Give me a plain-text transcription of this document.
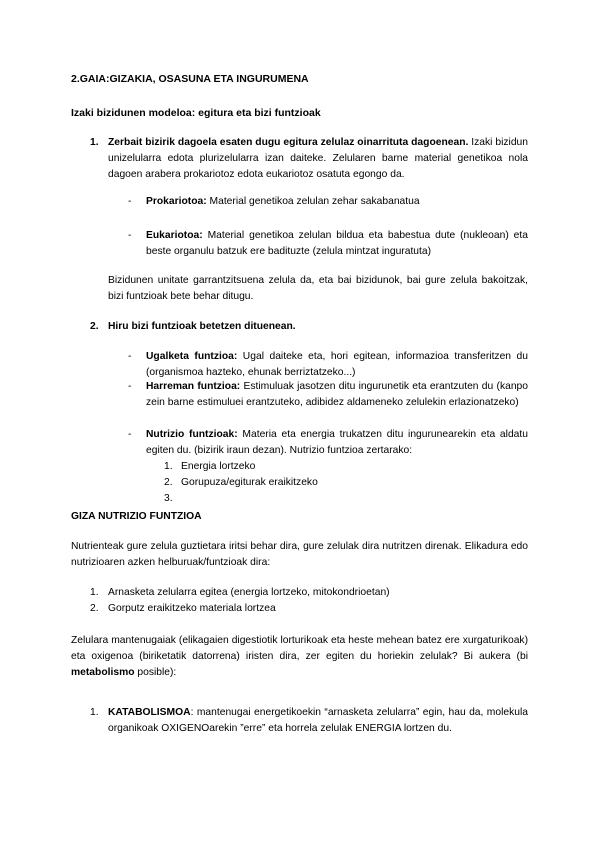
2.GAIA:GIZAKIA, OSASUNA ETA INGURUMENA
Izaki bizidunen modeloa: egitura eta bizi funtzioak
1. Zerbait bizirik dagoela esaten dugu egitura zelulaz oinarrituta dagoenean. Izaki bizidun unizelularra edota plurizelularra izan daiteke. Zelularen barne material genetikoa nola dagoen arabera prokariotoz edota eukariotoz osatuta egongo da.
- Prokariotoa: Material genetikoa zelulan zehar sakabanatua
- Eukariotoa: Material genetikoa zelulan bildua eta babestua dute (nukleoan) eta beste organulu batzuk ere badituzte (zelula mintzat inguratuta)
Bizidunen unitate garrantzitsuena zelula da, eta bai bizidunok, bai gure zelula bakoitzak, bizi funtzioak bete behar ditugu.
2. Hiru bizi funtzioak betetzen dituenean.
- Ugalketa funtzioa: Ugal daiteke eta, hori egitean, informazioa transferitzen du (organismoa hazteko, ehunak berriztatzeko...)
- Harreman funtzioa: Estimuluak jasotzen ditu ingurunetik eta erantzuten du (kanpo zein barne estimuluei erantzuteko, adibidez aldameneko zelulekin erlazionatzeko)
- Nutrizio funtzioak: Materia eta energia trukatzen ditu ingurunearekin eta aldatu egiten du. (bizirik iraun dezan). Nutrizio funtzioa zertarako:
1. Energia lortzeko
2. Gorupuza/egiturak eraikitzeko
3.
GIZA NUTRIZIO FUNTZIOA
Nutrienteak gure zelula guztietara iritsi behar dira, gure zelulak dira nutritzen direnak. Elikadura edo nutrizioaren azken helburuak/funtzioak dira:
1. Arnasketa zelularra egitea (energia lortzeko, mitokondrioetan)
2. Gorputz eraikitzeko materiala lortzea
Zelulara mantenugaiak (elikagaien digestiotik lorturikoak eta heste mehean batez ere xurgaturikoak) eta oxigenoa (biriketatik datorrena) iristen dira, zer egiten du horiekin zelulak? Bi aukera (bi metabolismo posible):
1. KATABOLISMOA: mantenugai energetikoekin “arnasketa zelularra” egin, hau da, molekula organikoak OXIGENOarekin ”erre” eta horrela zelulak ENERGIA lortzen du.
